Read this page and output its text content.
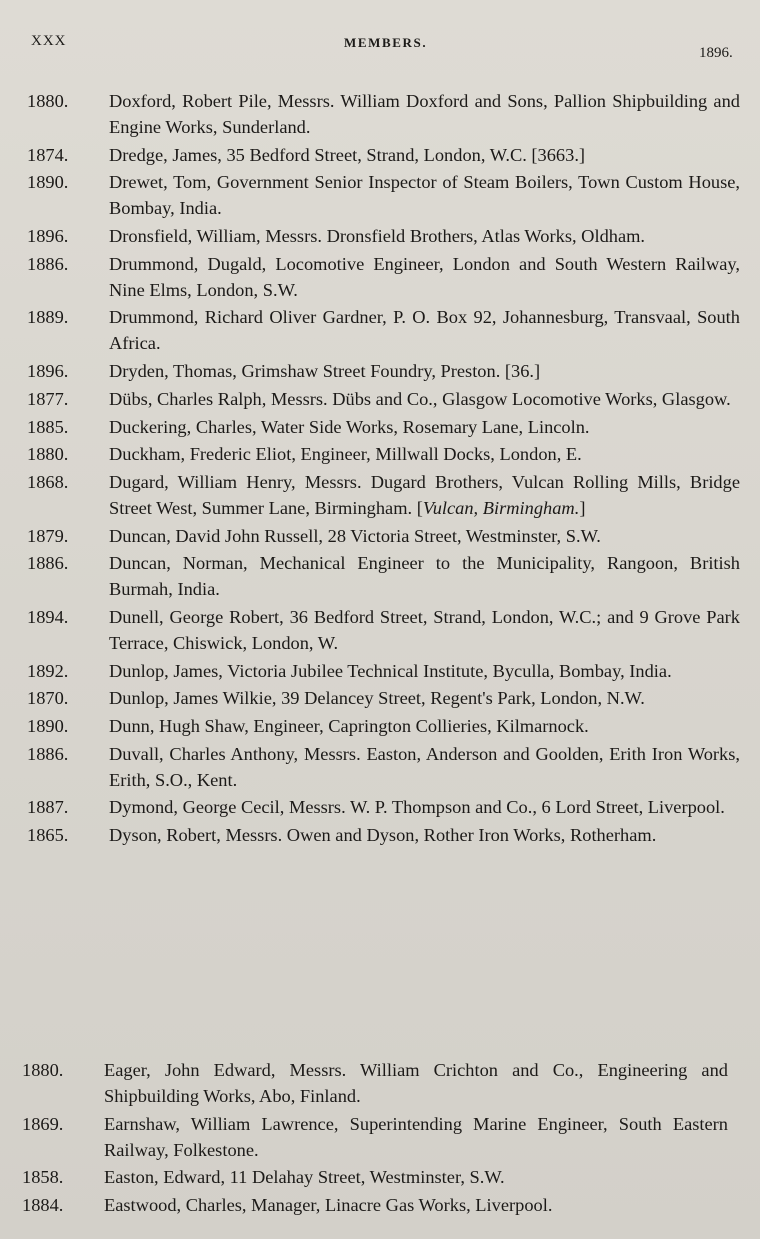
XXX	MEMBERS.
1896.
1880.	Doxford, Robert Pile, Messrs. William Doxford and Sons, Pallion Shipbuilding and Engine Works, Sunderland.
1874.	Dredge, James, 35 Bedford Street, Strand, London, W.C. [3663.]
1890.	Drewet, Tom, Government Senior Inspector of Steam Boilers, Town Custom House, Bombay, India.
1896.	Dronsfield, William, Messrs. Dronsfield Brothers, Atlas Works, Oldham.
1886.	Drummond, Dugald, Locomotive Engineer, London and South Western Railway, Nine Elms, London, S.W.
1889.	Drummond, Richard Oliver Gardner, P. O. Box 92, Johannesburg, Transvaal, South Africa.
1896.	Dryden, Thomas, Grimshaw Street Foundry, Preston. [36.]
1877.	Dübs, Charles Ralph, Messrs. Dübs and Co., Glasgow Locomotive Works, Glasgow.
1885.	Duckering, Charles, Water Side Works, Rosemary Lane, Lincoln.
1880.	Duckham, Frederic Eliot, Engineer, Millwall Docks, London, E.
1868.	Dugard, William Henry, Messrs. Dugard Brothers, Vulcan Rolling Mills, Bridge Street West, Summer Lane, Birmingham. [Vulcan, Birmingham.]
1879.	Duncan, David John Russell, 28 Victoria Street, Westminster, S.W.
1886.	Duncan, Norman, Mechanical Engineer to the Municipality, Rangoon, British Burmah, India.
1894.	Dunell, George Robert, 36 Bedford Street, Strand, London, W.C.; and 9 Grove Park Terrace, Chiswick, London, W.
1892.	Dunlop, James, Victoria Jubilee Technical Institute, Byculla, Bombay, India.
1870.	Dunlop, James Wilkie, 39 Delancey Street, Regent's Park, London, N.W.
1890.	Dunn, Hugh Shaw, Engineer, Caprington Collieries, Kilmarnock.
1886.	Duvall, Charles Anthony, Messrs. Easton, Anderson and Goolden, Erith Iron Works, Erith, S.O., Kent.
1887.	Dymond, George Cecil, Messrs. W. P. Thompson and Co., 6 Lord Street, Liverpool.
1865.	Dyson, Robert, Messrs. Owen and Dyson, Rother Iron Works, Rotherham.
1880.	Eager, John Edward, Messrs. William Crichton and Co., Engineering and Shipbuilding Works, Abo, Finland.
1869.	Earnshaw, William Lawrence, Superintending Marine Engineer, South Eastern Railway, Folkestone.
1858.	Easton, Edward, 11 Delahay Street, Westminster, S.W.
1884.	Eastwood, Charles, Manager, Linacre Gas Works, Liverpool.
